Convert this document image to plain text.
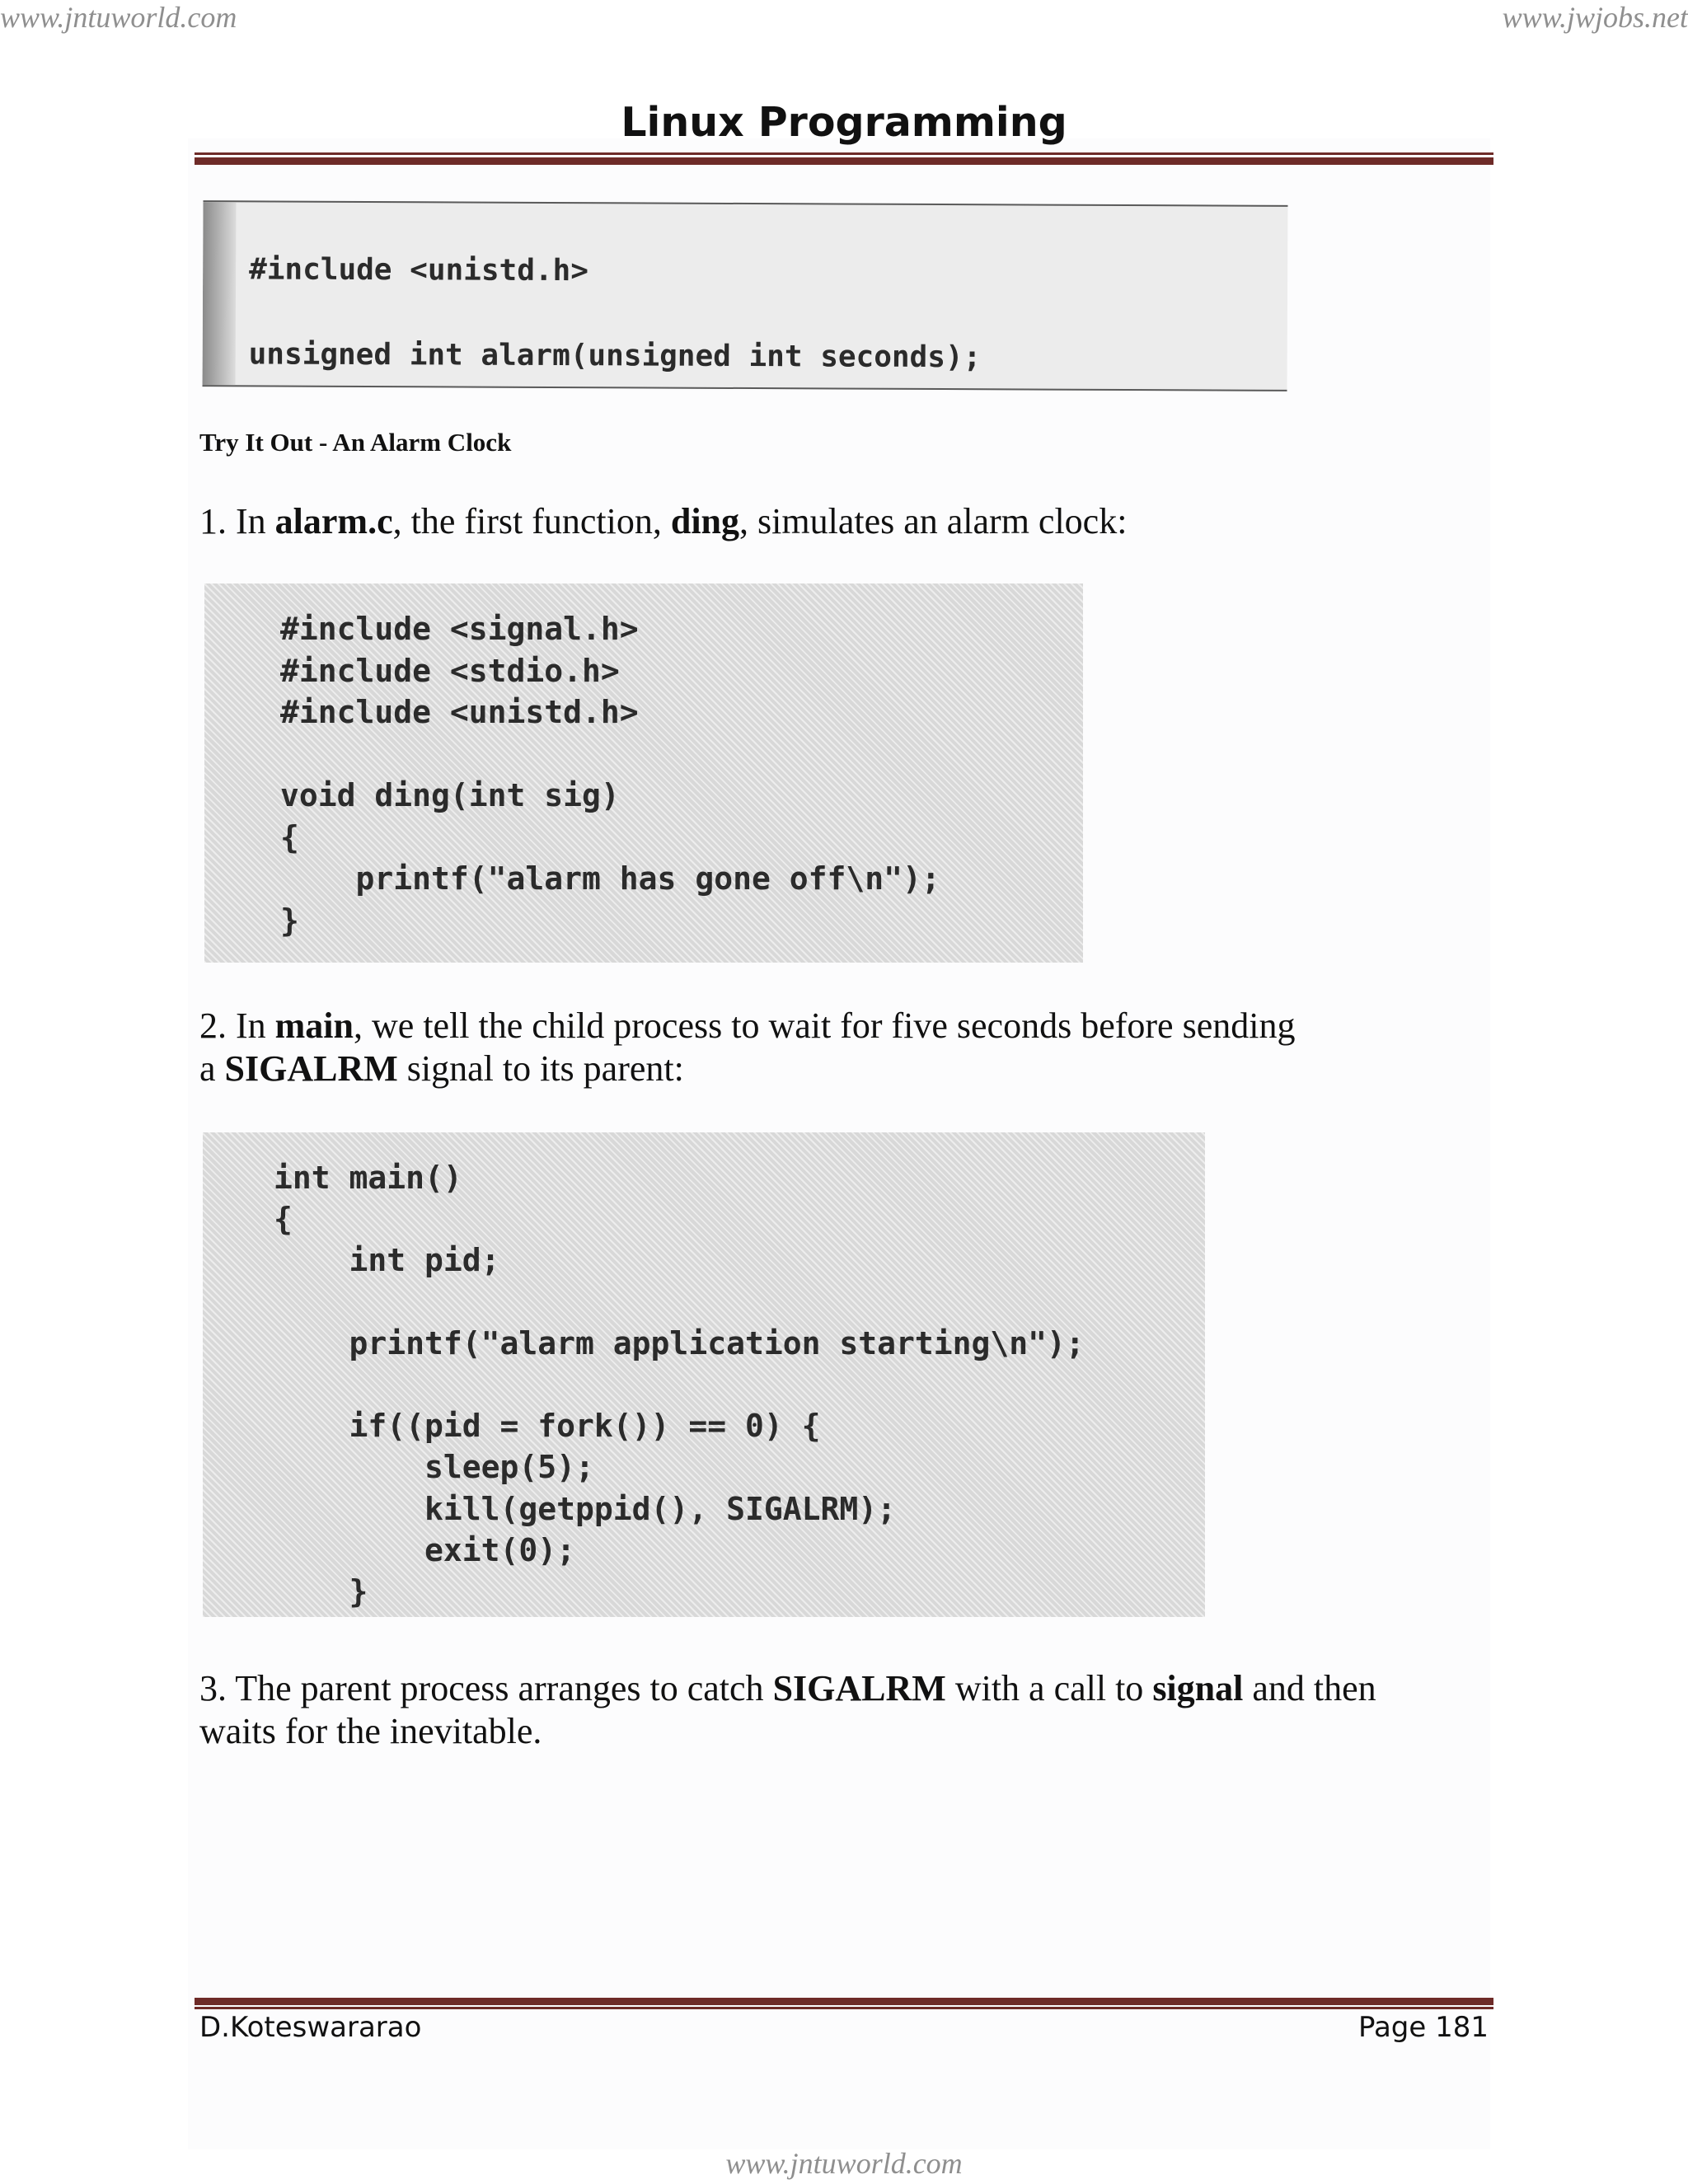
www.jntuworld.com	www.jwjobs.net

Linux Programming
#include <unistd.h>
unsigned int alarm(unsigned int seconds);

Try It Out - An Alarm Clock

1. In alarm.c, the first function, ding, simulates an alarm clock:

#include <signal.h>
#include <stdio.h>
#include <unistd.h>
void ding(int sig)
{
printf("alarm has gone off\n");
}

2. In main, we tell the child process to wait for five seconds before sending
a SIGALRM signal to its parent:

int main()
{
int pid;
printf("alarm application starting\n");
if((pid = fork()) == 0) {
sleep(5);
kill(getppid(), SIGALRM);
exit(0);
}

3. The parent process arranges to catch SIGALRM with a call to signal and then
waits for the inevitable.

D.Koteswararao	Page 181

www.jntuworld.com
